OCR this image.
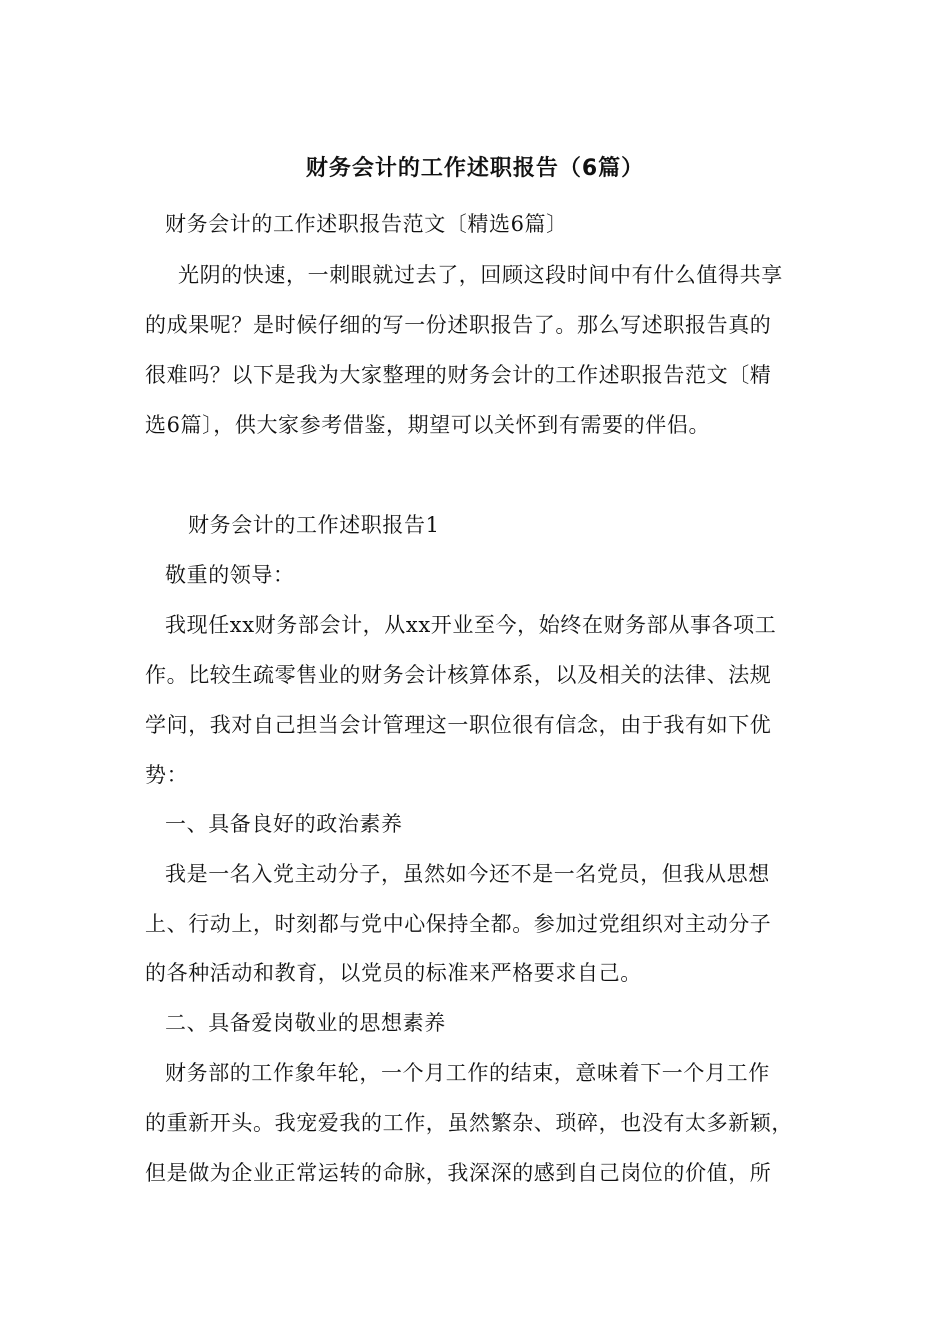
财务会计的工作述职报告（6篇）
财务会计的工作述职报告范文〔精选6篇〕
光阴的快速，一刺眼就过去了，回顾这段时间中有什么值得共享
的成果呢？是时候仔细的写一份述职报告了。那么写述职报告真的
很难吗？以下是我为大家整理的财务会计的工作述职报告范文〔精
选6篇〕，供大家参考借鉴，期望可以关怀到有需要的伴侣。
财务会计的工作述职报告1
敬重的领导：
我现任xx财务部会计，从xx开业至今，始终在财务部从事各项工
作。比较生疏零售业的财务会计核算体系，以及相关的法律、法规
学问，我对自己担当会计管理这一职位很有信念，由于我有如下优
势：
一、具备良好的政治素养
我是一名入党主动分子，虽然如今还不是一名党员，但我从思想
上、行动上，时刻都与党中心保持全都。参加过党组织对主动分子
的各种活动和教育，以党员的标准来严格要求自己。
二、具备爱岗敬业的思想素养
财务部的工作象年轮，一个月工作的结束，意味着下一个月工作
的重新开头。我宠爱我的工作，虽然繁杂、琐碎，也没有太多新颖，
但是做为企业正常运转的命脉，我深深的感到自己岗位的价值，所
